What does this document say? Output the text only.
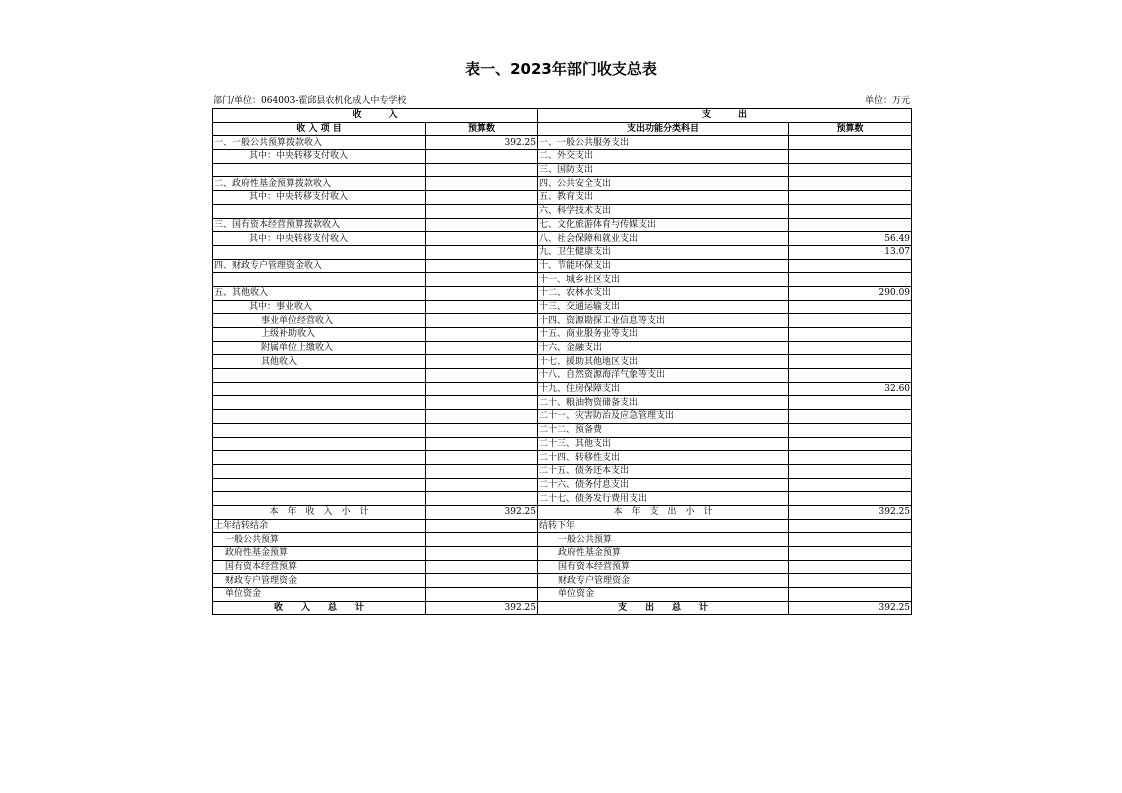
表一、2023年部门收支总表
部门/单位：064003-霍邱县农机化成人中专学校	单位：万元
收　　　入		支　　　出	
收 入 项 目	预算数	支出功能分类科目	预算数
一、一般公共预算拨款收入	392.25	一、一般公共服务支出	
其中：中央转移支付收入		二、外交支出	
		三、国防支出	
二、政府性基金预算拨款收入		四、公共安全支出	
其中：中央转移支付收入		五、教育支出	
		六、科学技术支出	
三、国有资本经营预算拨款收入		七、文化旅游体育与传媒支出	
其中：中央转移支付收入		八、社会保障和就业支出	56.49
		九、卫生健康支出	13.07
四、财政专户管理资金收入		十、节能环保支出	
		十一、城乡社区支出	
五、其他收入		十二、农林水支出	290.09
其中：事业收入		十三、交通运输支出	
事业单位经营收入		十四、资源勘探工业信息等支出	
上级补助收入		十五、商业服务业等支出	
附属单位上缴收入		十六、金融支出	
其他收入		十七、援助其他地区支出	
		十八、自然资源海洋气象等支出	
		十九、住房保障支出	32.60
		二十、粮油物资储备支出	
		二十一、灾害防治及应急管理支出	
		二十二、预备费	
		二十三、其他支出	
		二十四、转移性支出	
		二十五、债务还本支出	
		二十六、债务付息支出	
		二十七、债务发行费用支出	
本　年　收　入　小　计	392.25	本　年　支　出　小　计	392.25
上年结转结余		结转下年	
一般公共预算		一般公共预算	
政府性基金预算		政府性基金预算	
国有资本经营预算		国有资本经营预算	
财政专户管理资金		财政专户管理资金	
单位资金		单位资金	
收　　入　　总　　计	392.25	支　　出　　总　　计	392.25
